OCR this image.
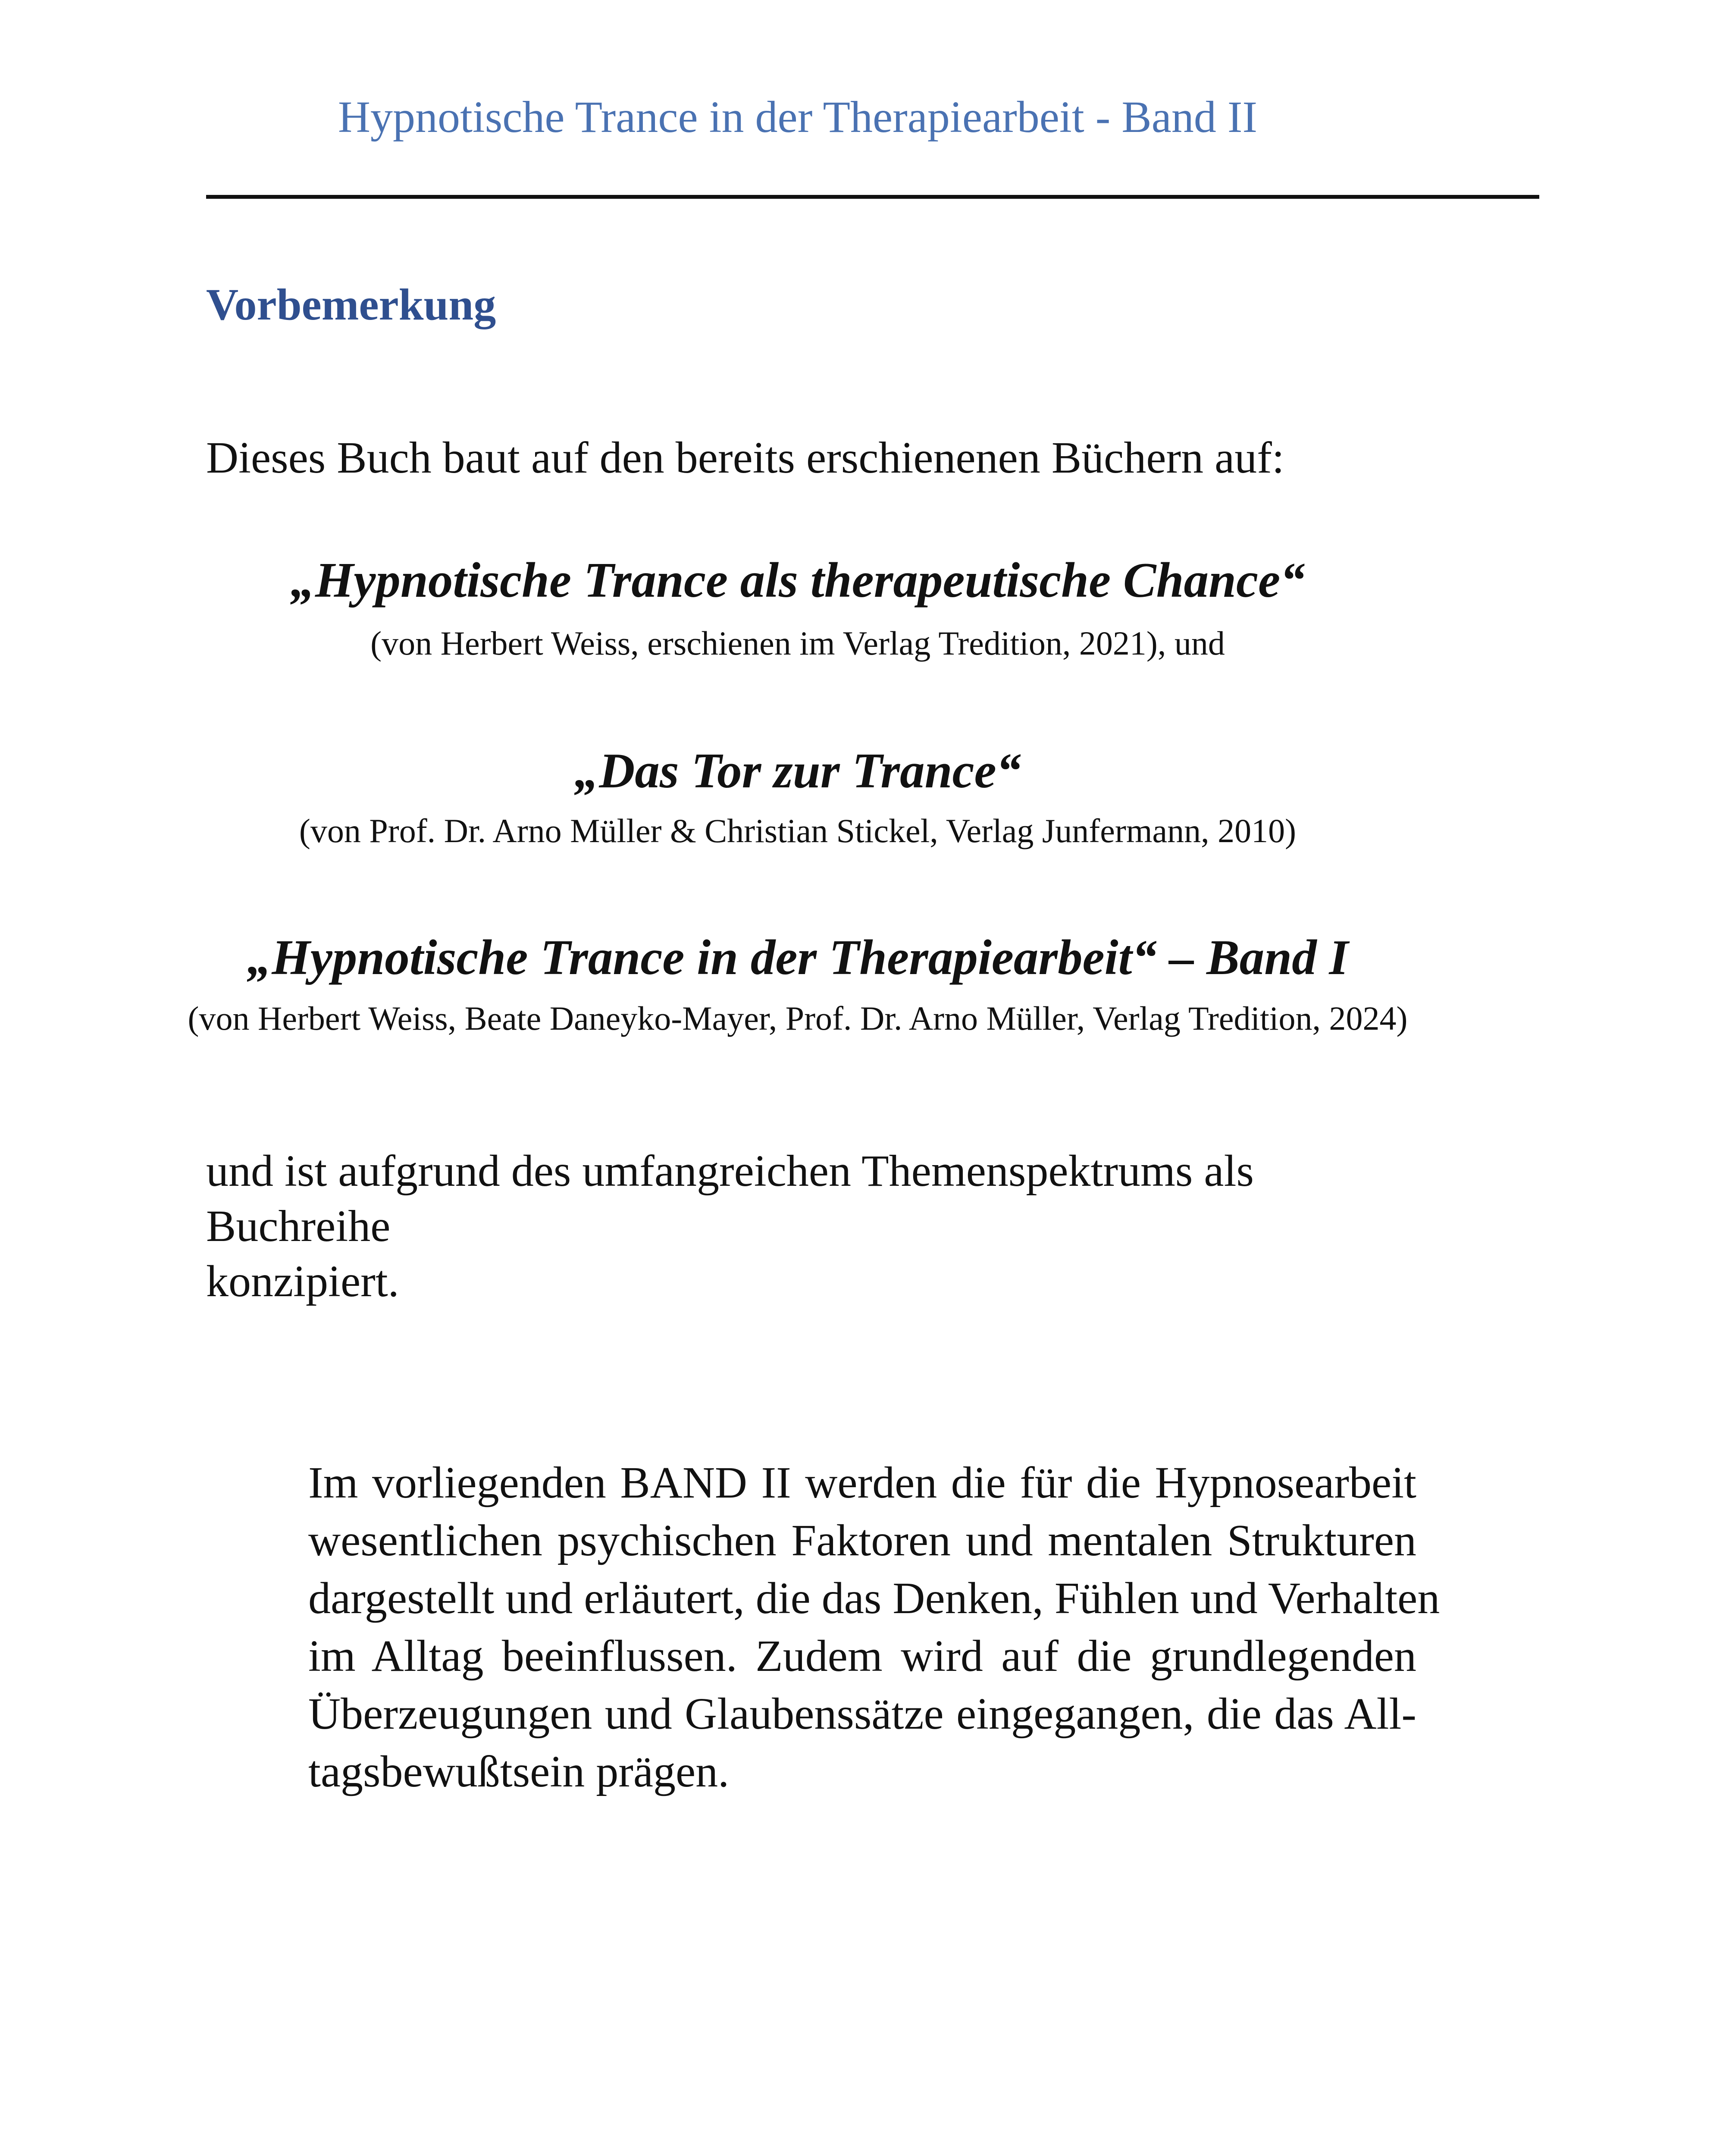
Hypnotische Trance in der Therapiearbeit - Band II
Vorbemerkung
Dieses Buch baut auf den bereits erschienenen Büchern auf:
„Hypnotische Trance als therapeutische Chance“
(von Herbert Weiss, erschienen im Verlag Tredition, 2021), und
„Das Tor zur Trance“
(von Prof. Dr. Arno Müller & Christian Stickel, Verlag Junfermann, 2010)
„Hypnotische Trance in der Therapiearbeit“ – Band I
(von Herbert Weiss, Beate Daneyko-Mayer, Prof. Dr. Arno Müller, Verlag Tredition, 2024)

und ist aufgrund des umfangreichen Themenspektrums als Buchreihe

konzipiert.

Im vorliegenden BAND II werden die für die Hypnosearbeit
wesentlichen psychischen Faktoren und mentalen Strukturen
dargestellt und erläutert, die das Denken, Fühlen und Verhalten
im Alltag beeinflussen. Zudem wird auf die grundlegenden
Überzeugungen und Glaubenssätze eingegangen, die das All-
tagsbewußtsein prägen.
